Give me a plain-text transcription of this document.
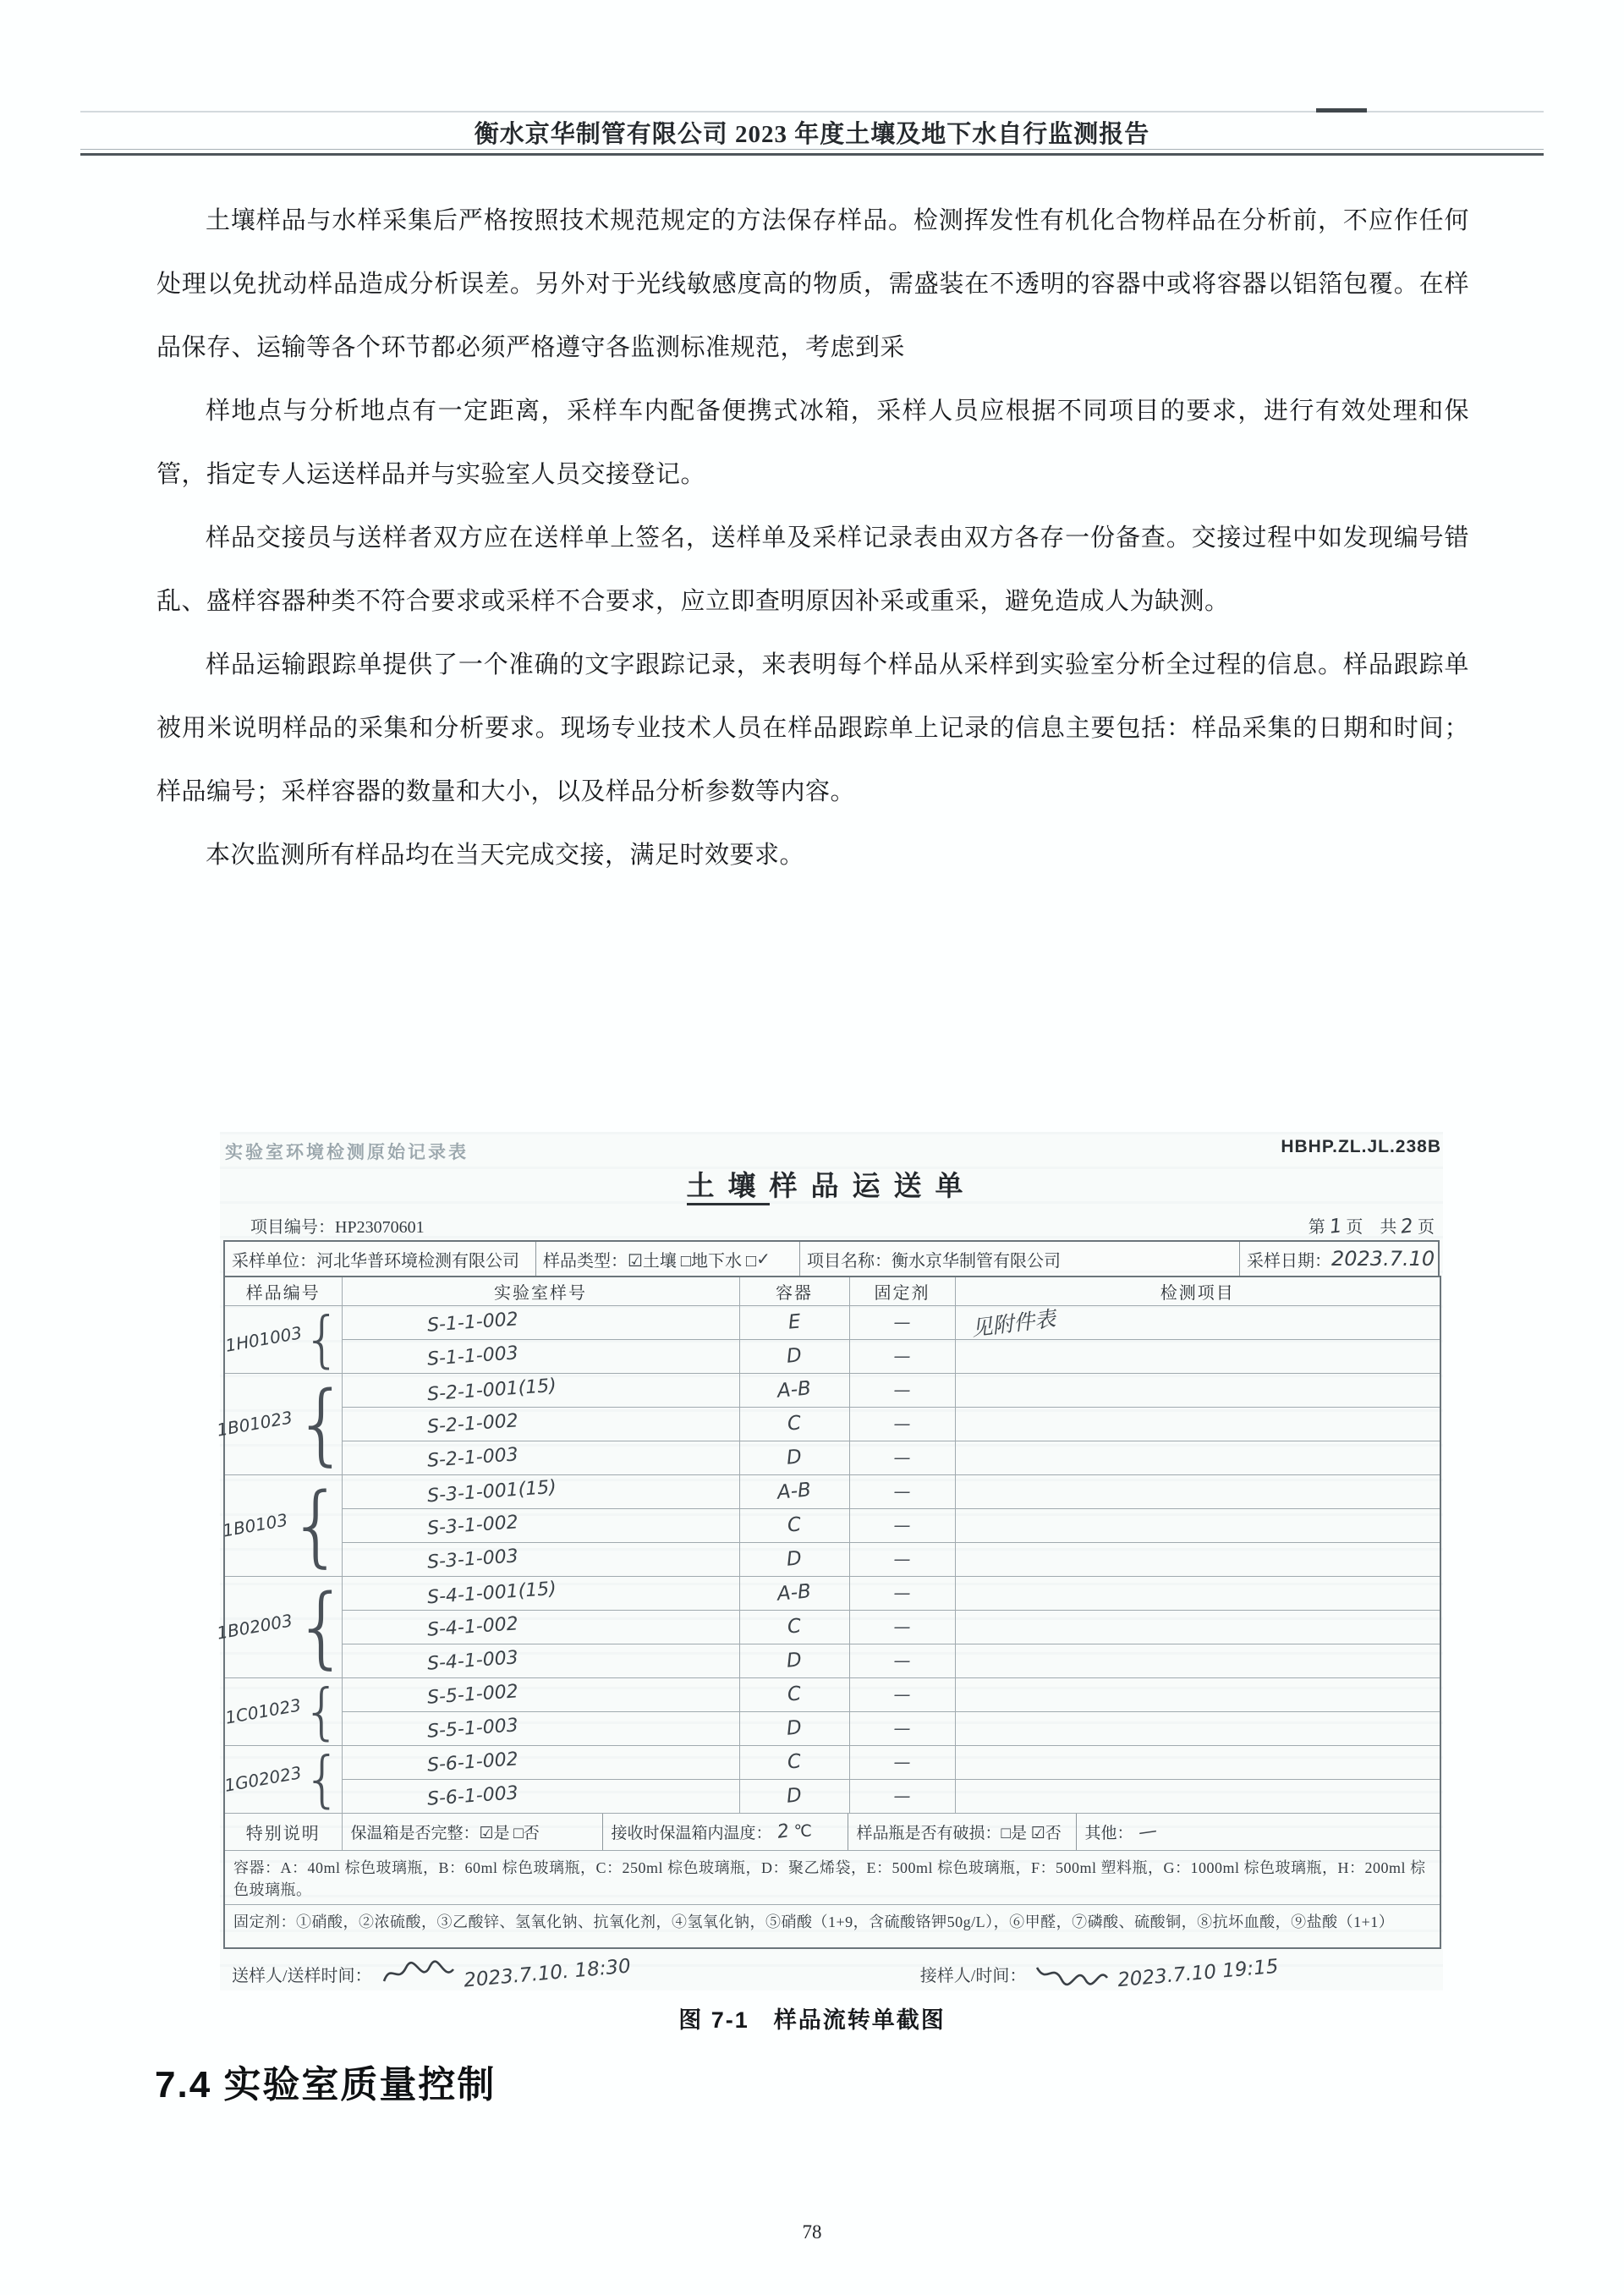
衡水京华制管有限公司 2023 年度土壤及地下水自行监测报告

土壤样品与水样采集后严格按照技术规范规定的方法保存样品。检测挥发性有机化合物样品在分析前，不应作任何处理以免扰动样品造成分析误差。另外对于光线敏感度高的物质，需盛装在不透明的容器中或将容器以铝箔包覆。在样品保存、运输等各个环节都必须严格遵守各监测标准规范，考虑到采

样地点与分析地点有一定距离，采样车内配备便携式冰箱，采样人员应根据不同项目的要求，进行有效处理和保管，指定专人运送样品并与实验室人员交接登记。

样品交接员与送样者双方应在送样单上签名，送样单及采样记录表由双方各存一份备查。交接过程中如发现编号错乱、盛样容器种类不符合要求或采样不合要求，应立即查明原因补采或重采，避免造成人为缺测。

样品运输跟踪单提供了一个准确的文字跟踪记录，来表明每个样品从采样到实验室分析全过程的信息。样品跟踪单被用米说明样品的采集和分析要求。现场专业技术人员在样品跟踪单上记录的信息主要包括：样品采集的日期和时间；样品编号；采样容器的数量和大小，以及样品分析参数等内容。

本次监测所有样品均在当天完成交接，满足时效要求。

实验室环境检测原始记录表	HBHP.ZL.JL.238B
土壤样品运送单
项目编号：HP23070601	第 1 页　共 2 页
采样单位：河北华普环境检测有限公司	样品类型：☑土壤 □地下水 □ ✓	项目名称：衡水京华制管有限公司	采样日期： 2023.7.10
样品编号	实验室样号	容器	固定剂	检测项目

1H01003 {	S-1-1-002	E	—	见附件表
	S-1-1-003	D	—	

1B01023 {	S-2-1-001(15)	A-B	—	
	S-2-1-002	C	—	
	S-2-1-003	D	—	

1B0103 {	S-3-1-001(15)	A-B	—	
	S-3-1-002	C	—	
	S-3-1-003	D	—	

1B02003 {	S-4-1-001(15)	A-B	—	
	S-4-1-002	C	—	
	S-4-1-003	D	—	

1C01023 {	S-5-1-002	C	—	
	S-5-1-003	D	—	

1G02023 {	S-6-1-002	C	—	
	S-6-1-003	D	—	
特别说明	保温箱是否完整：☑是 □否	接收时保温箱内温度： 2 ℃	样品瓶是否有破损：□是 ☑否	其他： —

容器：A：40ml 棕色玻璃瓶，B：60ml 棕色玻璃瓶，C：250ml 棕色玻璃瓶，D：聚乙烯袋，E：500ml 棕色玻璃瓶，F：500ml 塑料瓶，G：1000ml 棕色玻璃瓶，H：200ml 棕色玻璃瓶。				
固定剂：①硝酸，②浓硫酸，③乙酸锌、氢氧化钠、抗氧化剂，④氢氧化钠，⑤硝酸（1+9，含硫酸铬钾50g/L），⑥甲醛，⑦磷酸、硫酸铜，⑧抗坏血酸，⑨盐酸（1+1）				
送样人/送样时间：	2023.7.10. 18:30	接样人/时间：	2023.7.10 19:15
图 7-1　样品流转单截图
7.4 实验室质量控制
78
